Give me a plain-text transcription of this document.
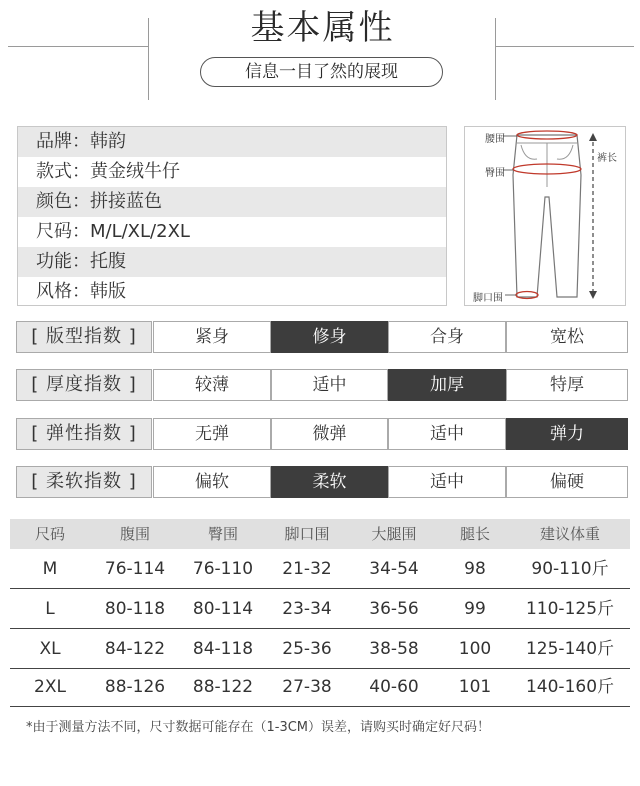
基本属性
信息一目了然的展现
品牌：韩韵
款式：黄金绒牛仔
颜色：拼接蓝色
尺码：M/L/XL/2XL
功能：托腹
风格：韩版
腰围
臀围
裤长
脚口围
[ 版型指数 ]	紧身	修身	合身	宽松
[ 厚度指数 ]	较薄	适中	加厚	特厚
[ 弹性指数 ]	无弹	微弹	适中	弹力
[ 柔软指数 ]	偏软	柔软	适中	偏硬
尺码	腹围	臀围	脚口围	大腿围	腿长	建议体重
M	76-114	76-110	21-32	34-54	98	90-110斤
L	80-118	80-114	23-34	36-56	99	110-125斤
XL	84-122	84-118	25-36	38-58	100	125-140斤
2XL	88-126	88-122	27-38	40-60	101	140-160斤
*由于测量方法不同，尺寸数据可能存在（1-3CM）误差，请购买时确定好尺码！
